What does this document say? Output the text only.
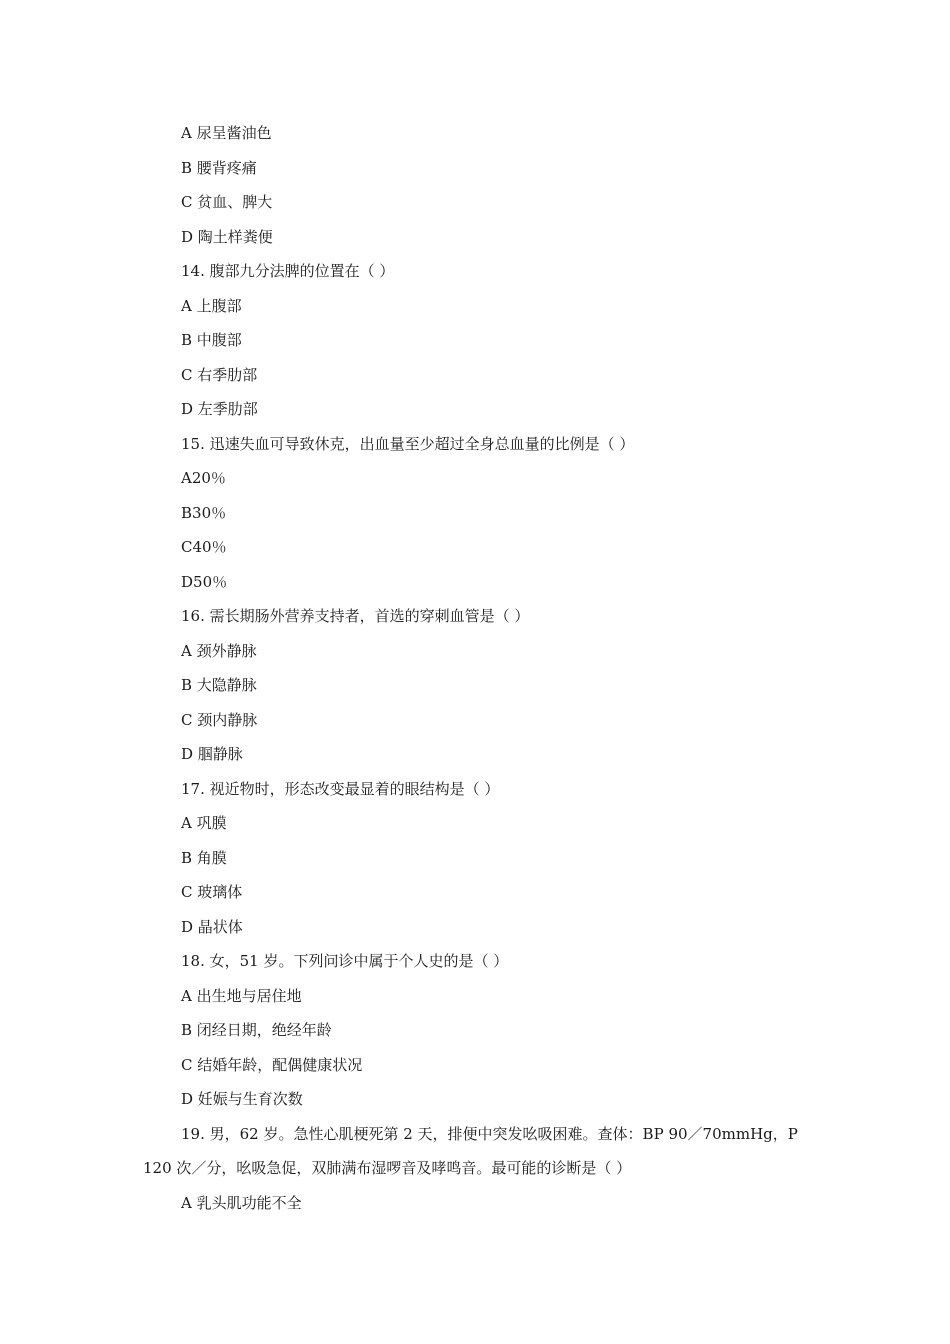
A 尿呈酱油色
B 腰背疼痛
C 贫血、脾大
D 陶土样粪便
14. 腹部九分法脾的位置在（ ）
A 上腹部
B 中腹部
C 右季肋部
D 左季肋部
15. 迅速失血可导致休克，出血量至少超过全身总血量的比例是（ ）
A20％
B30％
C40％
D50％
16. 需长期肠外营养支持者，首选的穿刺血管是（ ）
A 颈外静脉
B 大隐静脉
C 颈内静脉
D 腘静脉
17. 视近物时，形态改变最显着的眼结构是（ ）
A 巩膜
B 角膜
C 玻璃体
D 晶状体
18. 女，51 岁。下列问诊中属于个人史的是（ ）
A 出生地与居住地
B 闭经日期，绝经年龄
C 结婚年龄，配偶健康状况
D 妊娠与生育次数
19. 男，62 岁。急性心肌梗死第 2 天，排便中突发吆吸困难。查体：BP 90／70mmHg，P 120 次／分，吆吸急促，双肺满布湿啰音及哮鸣音。最可能的诊断是（ ）
A 乳头肌功能不全
